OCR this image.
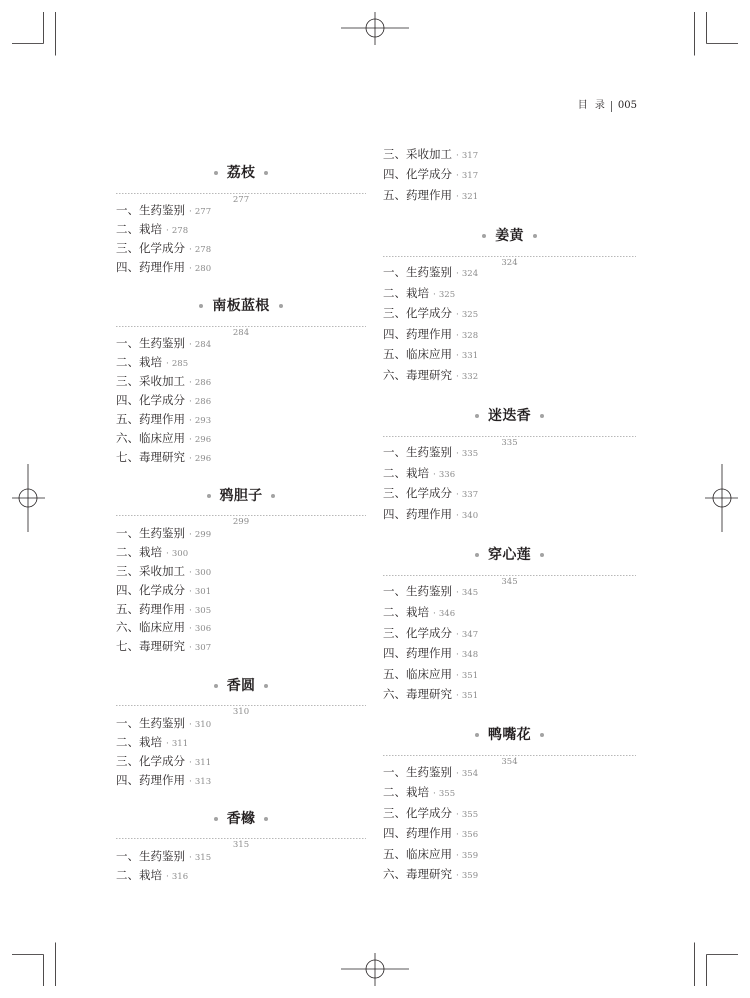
目 录 005
荔枝
277
一、生药鉴别 · 277
二、栽培 · 278
三、化学成分 · 278
四、药理作用 · 280
南板蓝根
284
一、生药鉴别 · 284
二、栽培 · 285
三、采收加工 · 286
四、化学成分 · 286
五、药理作用 · 293
六、临床应用 · 296
七、毒理研究 · 296
鸦胆子
299
一、生药鉴别 · 299
二、栽培 · 300
三、采收加工 · 300
四、化学成分 · 301
五、药理作用 · 305
六、临床应用 · 306
七、毒理研究 · 307
香圆
310
一、生药鉴别 · 310
二、栽培 · 311
三、化学成分 · 311
四、药理作用 · 313
香橼
315
一、生药鉴别 · 315
二、栽培 · 316
三、采收加工 · 317
四、化学成分 · 317
五、药理作用 · 321
姜黄
324
一、生药鉴别 · 324
二、栽培 · 325
三、化学成分 · 325
四、药理作用 · 328
五、临床应用 · 331
六、毒理研究 · 332
迷迭香
335
一、生药鉴别 · 335
二、栽培 · 336
三、化学成分 · 337
四、药理作用 · 340
穿心莲
345
一、生药鉴别 · 345
二、栽培 · 346
三、化学成分 · 347
四、药理作用 · 348
五、临床应用 · 351
六、毒理研究 · 351
鸭嘴花
354
一、生药鉴别 · 354
二、栽培 · 355
三、化学成分 · 355
四、药理作用 · 356
五、临床应用 · 359
六、毒理研究 · 359
